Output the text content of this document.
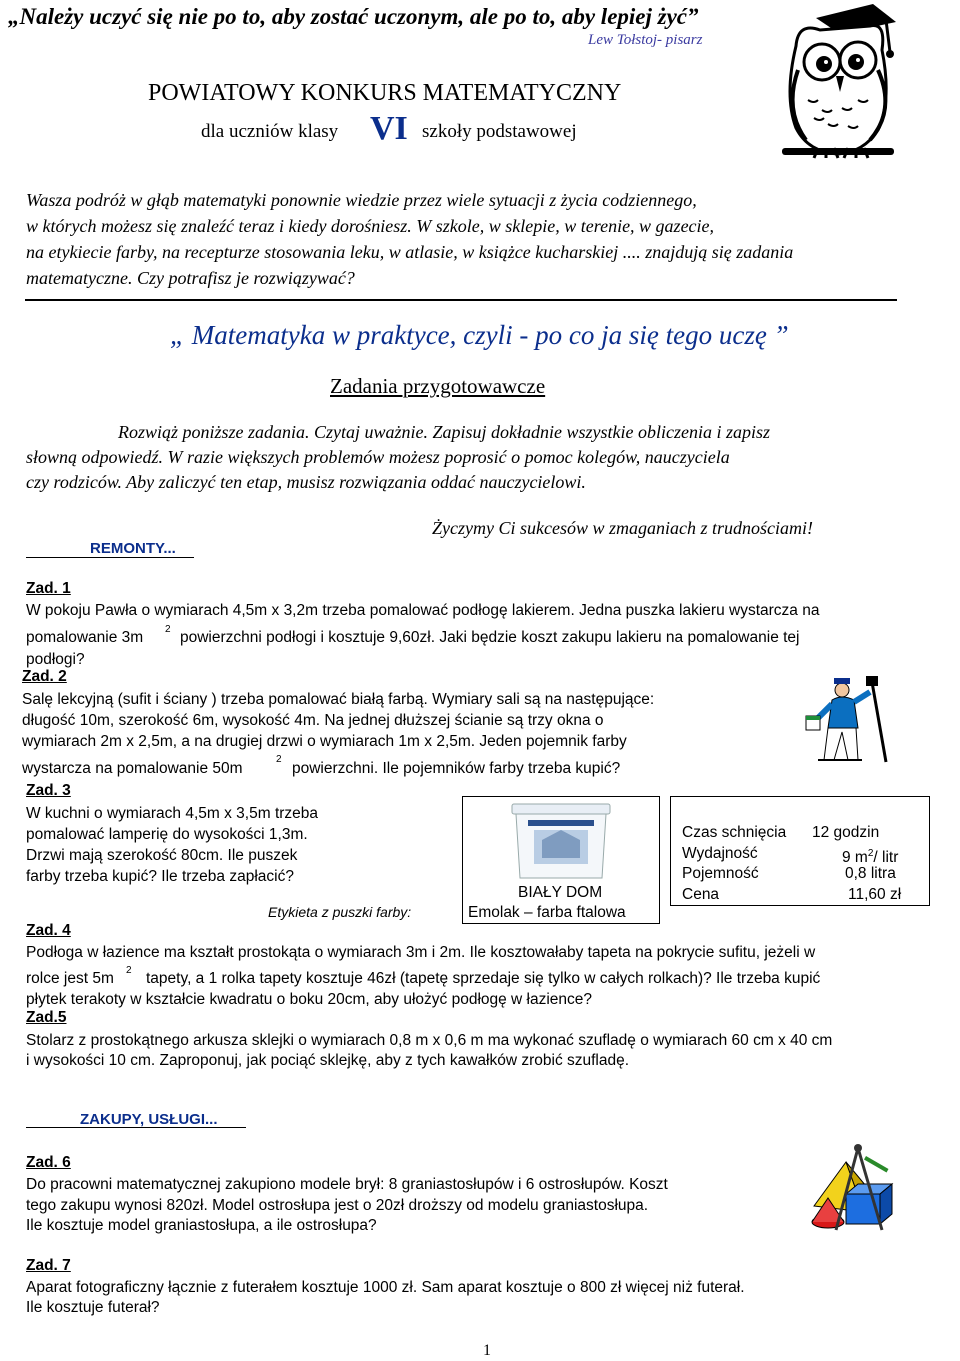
„Należy uczyć się nie po to, aby zostać uczonym, ale po to, aby lepiej żyć”
Lew Tołstoj- pisarz
POWIATOWY KONKURS MATEMATYCZNY
dla uczniów klasy VI szkoły podstawowej
Wasza podróż w głąb matematyki ponownie wiedzie przez wiele sytuacji z życia codziennego,
w których możesz się znaleźć teraz i kiedy dorośniesz. W szkole, w sklepie, w terenie, w gazecie,
na etykiecie farby, na recepturze stosowania leku, w atlasie, w książce kucharskiej .... znajdują się zadania
matematyczne. Czy potrafisz je rozwiązywać?
„ Matematyka w praktyce, czyli - po co ja się tego uczę ”
Zadania przygotowawcze
Rozwiąż poniższe zadania. Czytaj uważnie. Zapisuj dokładnie wszystkie obliczenia i zapisz
słowną odpowiedź. W razie większych problemów możesz poprosić o pomoc kolegów, nauczyciela
czy rodziców. Aby zaliczyć ten etap, musisz rozwiązania oddać nauczycielowi.
Życzymy Ci sukcesów w zmaganiach z trudnościami!
REMONTY...
Zad. 1
W pokoju Pawła o wymiarach 4,5m x 3,2m trzeba pomalować podłogę lakierem. Jedna puszka lakieru wystarcza na
pomalowanie 3m 2 powierzchni podłogi i kosztuje 9,60zł. Jaki będzie koszt zakupu lakieru na pomalowanie tej
podłogi?
Zad. 2
Salę lekcyjną (sufit i ściany ) trzeba pomalować białą farbą. Wymiary sali są na następujące:
długość 10m, szerokość 6m, wysokość 4m. Na jednej dłuższej ścianie są trzy okna o
wymiarach 2m x 2,5m, a na drugiej drzwi o wymiarach 1m x 2,5m. Jeden pojemnik farby
wystarcza na pomalowanie 50m
2
powierzchni. Ile pojemników farby trzeba kupić?
Zad. 3
W kuchni o wymiarach 4,5m x 3,5m trzeba
pomalować lamperię do wysokości 1,3m.
Drzwi mają szerokość 80cm. Ile puszek
farby trzeba kupić? Ile trzeba zapłacić?
Etykieta z puszki farby:
BIAŁY DOM
Emolak – farba ftalowa
Czas schnięcia 12 godzin
Wydajność	9 $m^2/$ litr
Pojemność	0,8 litra
Cena	11,60 zł
Zad. 4
Podłoga w łazience ma kształt prostokąta o wymiarach 3m i 2m. Ile kosztowałaby tapeta na pokrycie sufitu, jeżeli w
rolce jest 5m 2 tapety, a 1 rolka tapety kosztuje 46zł (tapetę sprzedaje się tylko w całych rolkach)? Ile trzeba kupić
płytek terakoty w kształcie kwadratu o boku 20cm, aby ułożyć podłogę w łazience?
Zad.5
Stolarz z prostokątnego arkusza sklejki o wymiarach 0,8 m x 0,6 m ma wykonać szufladę o wymiarach 60 cm x 40 cm
i wysokości 10 cm. Zaproponuj, jak pociąć sklejkę, aby z tych kawałków zrobić szufladę.
ZAKUPY, USŁUGI...
Zad. 6
Do pracowni matematycznej zakupiono modele brył: 8 graniastosłupów i 6 ostrosłupów. Koszt
tego zakupu wynosi 820zł. Model ostrosłupa jest o 20zł droższy od modelu graniastosłupa.
Ile kosztuje model graniastosłupa, a ile ostrosłupa?
Zad. 7
Aparat fotograficzny łącznie z futerałem kosztuje 1000 zł. Sam aparat kosztuje o 800 zł więcej niż futerał.
Ile kosztuje futerał?
1
